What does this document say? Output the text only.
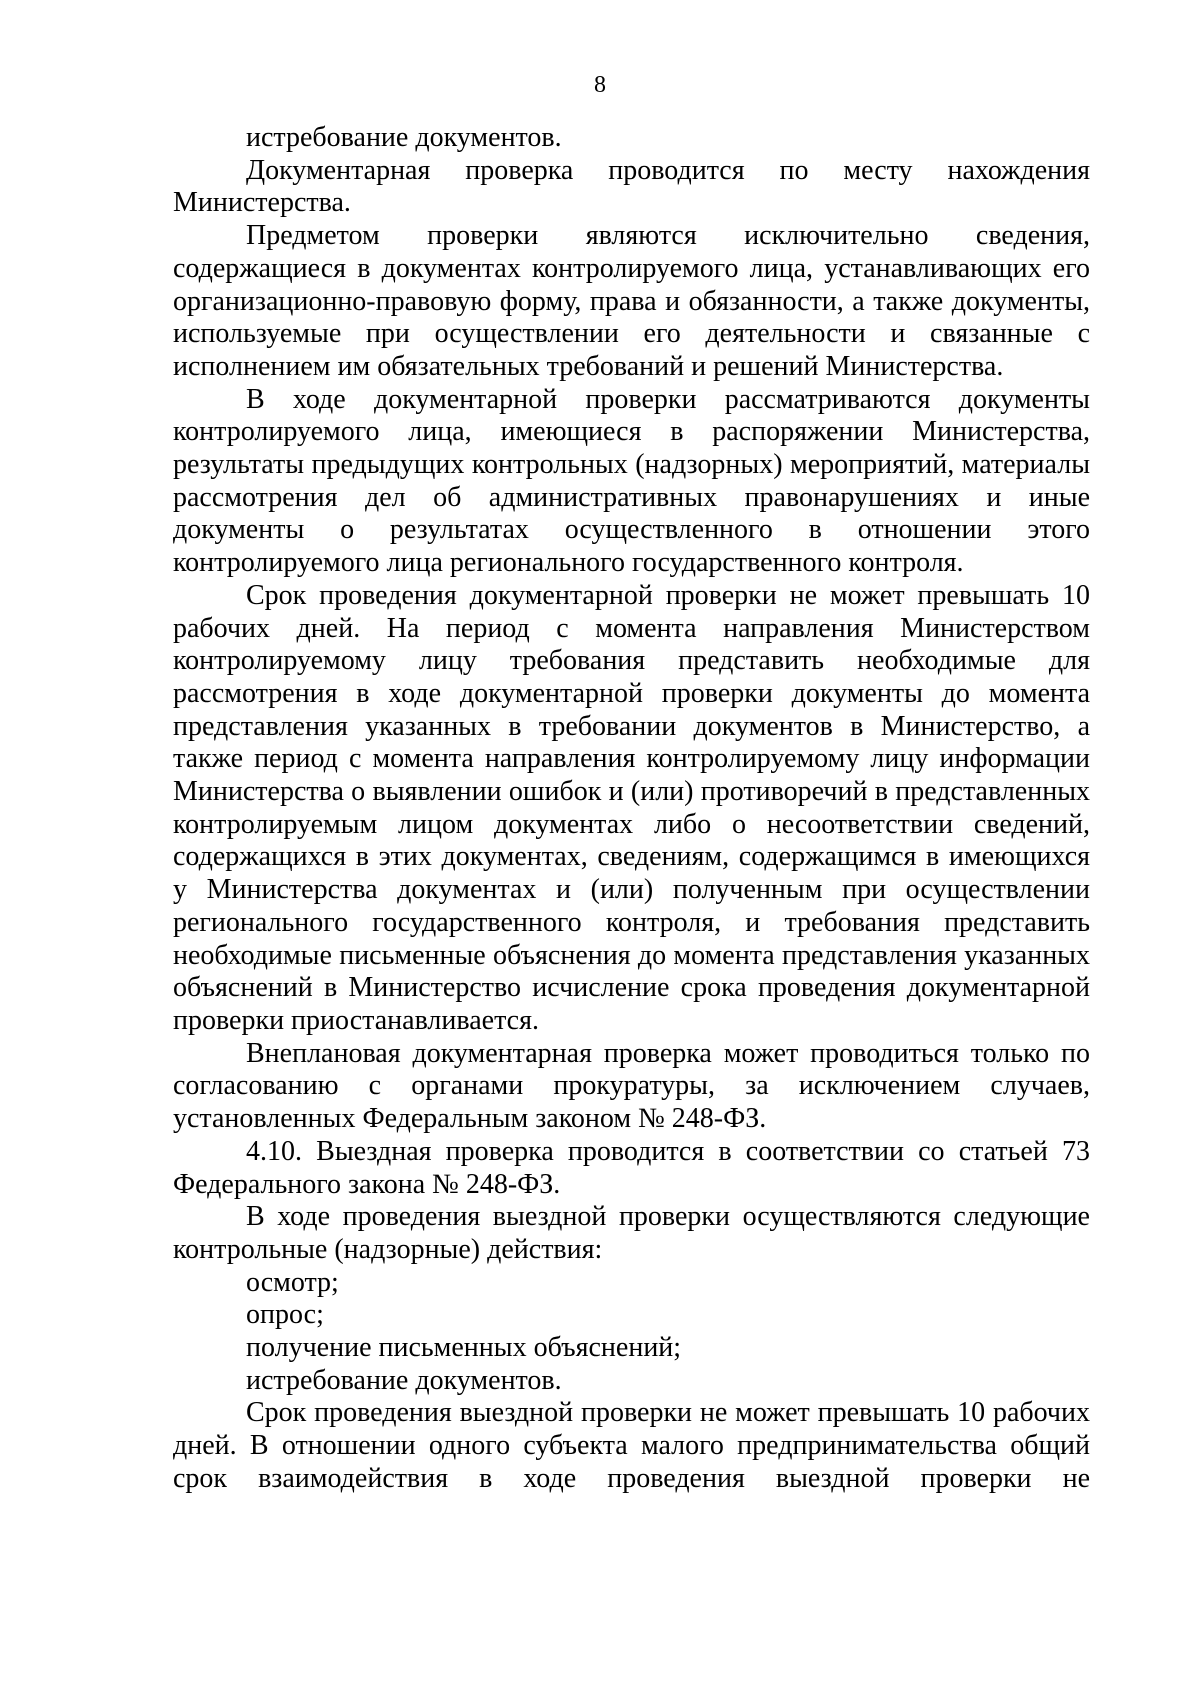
8

истребование документов.

Документарная проверка проводится по месту нахождения Министерства.

Предметом проверки являются исключительно сведения, содержащиеся в документах контролируемого лица, устанавливающих его организационно-правовую форму, права и обязанности, а также документы, используемые при осуществлении его деятельности и связанные с исполнением им обязательных требований и решений Министерства.

В ходе документарной проверки рассматриваются документы контролируемого лица, имеющиеся в распоряжении Министерства, результаты предыдущих контрольных (надзорных) мероприятий, материалы рассмотрения дел об административных правонарушениях и иные документы о результатах осуществленного в отношении этого контролируемого лица регионального государственного контроля.

Срок проведения документарной проверки не может превышать 10 рабочих дней. На период с момента направления Министерством контролируемому лицу требования представить необходимые для рассмотрения в ходе документарной проверки документы до момента представления указанных в требовании документов в Министерство, а также период с момента направления контролируемому лицу информации Министерства о выявлении ошибок и (или) противоречий в представленных контролируемым лицом документах либо о несоответствии сведений, содержащихся в этих документах, сведениям, содержащимся в имеющихся у Министерства документах и (или) полученным при осуществлении регионального государственного контроля, и требования представить необходимые письменные объяснения до момента представления указанных объяснений в Министерство исчисление срока проведения документарной проверки приостанавливается.

Внеплановая документарная проверка может проводиться только по согласованию с органами прокуратуры, за исключением случаев, установленных Федеральным законом № 248-ФЗ.

4.10. Выездная проверка проводится в соответствии со статьей 73 Федерального закона № 248-ФЗ.

В ходе проведения выездной проверки осуществляются следующие контрольные (надзорные) действия:

осмотр;

опрос;

получение письменных объяснений;

истребование документов.

Срок проведения выездной проверки не может превышать 10 рабочих дней. В отношении одного субъекта малого предпринимательства общий срок взаимодействия в ходе проведения выездной проверки не
